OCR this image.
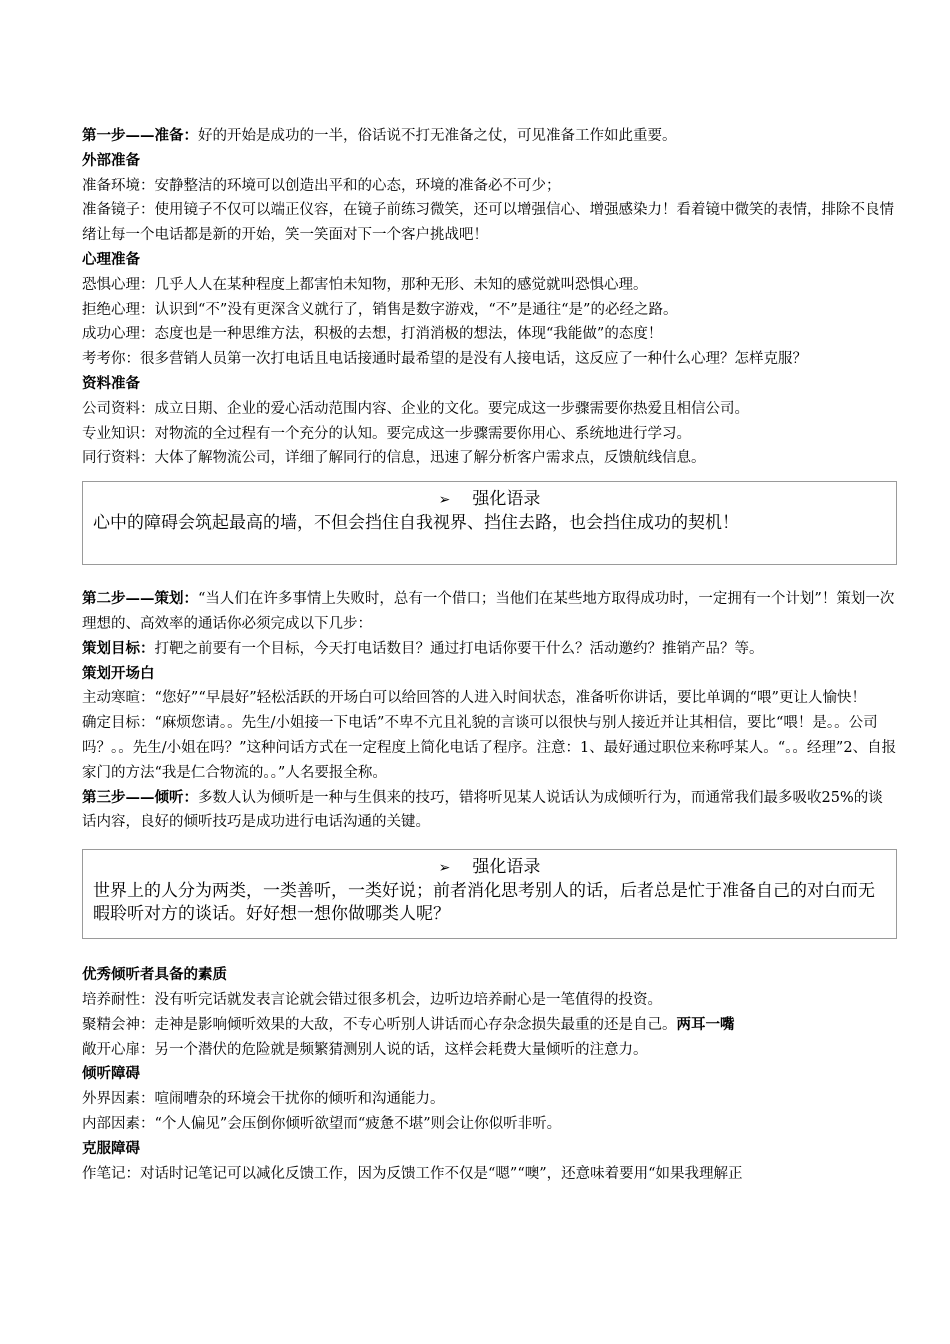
第一步——准备：好的开始是成功的一半，俗话说不打无准备之仗，可见准备工作如此重要。

外部准备

准备环境：安静整洁的环境可以创造出平和的心态，环境的准备必不可少；

准备镜子：使用镜子不仅可以端正仪容，在镜子前练习微笑，还可以增强信心、增强感染力！看着镜中微笑的表情，排除不良情绪让每一个电话都是新的开始，笑一笑面对下一个客户挑战吧！

心理准备

恐惧心理：几乎人人在某种程度上都害怕未知物，那种无形、未知的感觉就叫恐惧心理。

拒绝心理：认识到“不”没有更深含义就行了，销售是数字游戏，“不”是通往“是”的必经之路。

成功心理：态度也是一种思维方法，积极的去想，打消消极的想法，体现“我能做”的态度！

考考你：很多营销人员第一次打电话且电话接通时最希望的是没有人接电话，这反应了一种什么心理？怎样克服？

资料准备

公司资料：成立日期、企业的爱心活动范围内容、企业的文化。要完成这一步骤需要你热爱且相信公司。

专业知识：对物流的全过程有一个充分的认知。要完成这一步骤需要你用心、系统地进行学习。

同行资料：大体了解物流公司，详细了解同行的信息，迅速了解分析客户需求点，反馈航线信息。

➢ 强化语录
心中的障碍会筑起最高的墙，不但会挡住自我视界、挡住去路，也会挡住成功的契机！

第二步——策划：“当人们在许多事情上失败时，总有一个借口；当他们在某些地方取得成功时，一定拥有一个计划”！策划一次理想的、高效率的通话你必须完成以下几步：

策划目标：打靶之前要有一个目标，今天打电话数目？通过打电话你要干什么？活动邀约？推销产品？等。

策划开场白

主动寒暄：“您好”“早晨好”轻松活跃的开场白可以给回答的人进入时间状态，准备听你讲话，要比单调的“喂”更让人愉快！

确定目标：“麻烦您请。。先生/小姐接一下电话”不卑不亢且礼貌的言谈可以很快与别人接近并让其相信，要比“喂！是。。公司吗？。。先生/小姐在吗？”这种问话方式在一定程度上简化电话了程序。注意：1、最好通过职位来称呼某人。“。。经理”2、自报家门的方法“我是仁合物流的。。”人名要报全称。

第三步——倾听：多数人认为倾听是一种与生俱来的技巧，错将听见某人说话认为成倾听行为，而通常我们最多吸收25%的谈话内容，良好的倾听技巧是成功进行电话沟通的关键。

➢ 强化语录
世界上的人分为两类，一类善听，一类好说；前者消化思考别人的话，后者总是忙于准备自己的对白而无暇聆听对方的谈话。好好想一想你做哪类人呢？

优秀倾听者具备的素质

培养耐性：没有听完话就发表言论就会错过很多机会，边听边培养耐心是一笔值得的投资。

聚精会神：走神是影响倾听效果的大敌，不专心听别人讲话而心存杂念损失最重的还是自己。两耳一嘴

敞开心扉：另一个潜伏的危险就是频繁猜测别人说的话，这样会耗费大量倾听的注意力。

倾听障碍

外界因素：喧闹嘈杂的环境会干扰你的倾听和沟通能力。

内部因素：“个人偏见”会压倒你倾听欲望而“疲惫不堪”则会让你似听非听。

克服障碍

作笔记：对话时记笔记可以减化反馈工作，因为反馈工作不仅是“嗯”“噢”，还意味着要用“如果我理解正
